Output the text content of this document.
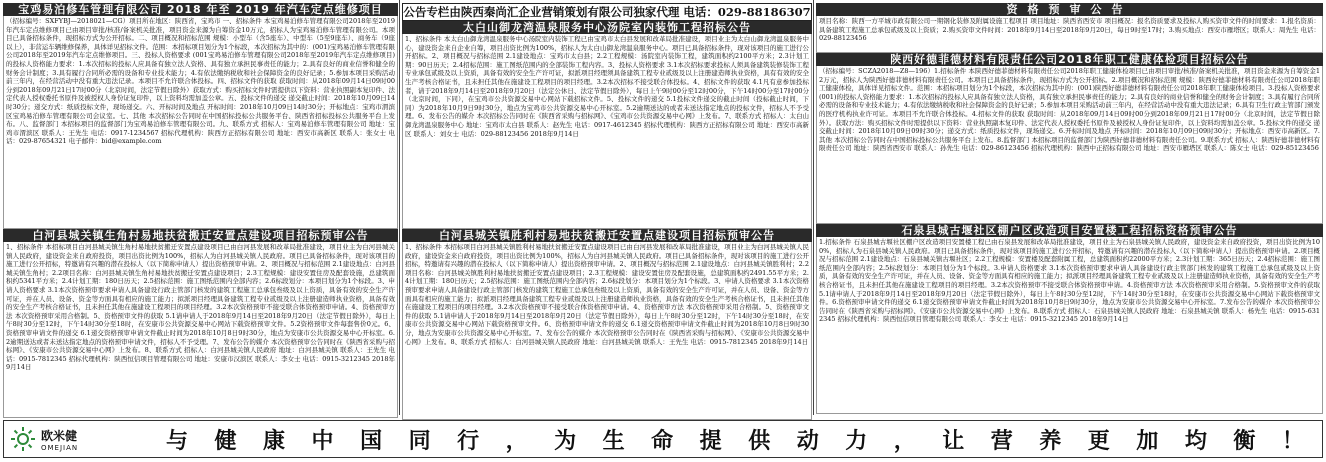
宝鸡易泊修车管理有限公司 2018 年至 2019 年汽车定点维修项目
（招标编号：SXFYBJ—2018021—CG）项目所在地区：陕西省，宝鸡市 一、招标条件 本宝鸡易泊修车管理有限公司2018年至2019年汽车定点维修项目已由项目审批/核准/备案机关批准，项目资金来源为自筹资金10万元，招标人为宝鸡易泊修车管理有限公司。本项目已具备招标条件，现招标方式为公开招标。二、项目概况和招标范围 规模：小型车（含5座车）、中型车（5至9座车）、商务车（9座以上），非营运车辆维修保养，具体详见招标文件。范围：本招标项目划分为1个标段，本次招标为其中的：(001)宝鸡易泊修车管理有限公司2018年至2019年汽车定点维修项目。三、投标人资格要求 (001宝鸡易泊修车管理有限公司2018年至2019年汽车定点维修项目)的投标人资格能力要求：1.本次招标的投标人应具备有独立法人资格、具有独立承担民事责任的能力；2.具有良好的商业信誉和健全的财务会计制度；3.具有履行合同所必需的设备和专业技术能力；4.有依法缴纳税收和社会保障资金的良好记录；5.参加本项目采购活动前三年内，在经营活动中没有重大违法记录。本项目不允许联合体投标。四、招标文件的获取 获取时间：从2018年09月14日09时00分到2018年09月21日17时00分（北京时间，法定节假日除外）获取方式：购买招标文件时需提供以下资料：营业执照副本复印件、法定代表人授权委托书原件及被授权人身份证复印件，以上资料均需加盖公章。五、投标文件的递交 递交截止时间：2018年10月09日14时30分；递交方式：纸质投标文件，现场递交。六、开标时间及地点 开标时间：2018年10月09日14时30分；开标地点：宝鸡市渭滨区宝鸡易泊修车管理有限公司会议室。七、其他 本次招标公告同时在中国招标投标公共服务平台、陕西省招标投标公共服务平台上发布。八、监督部门 本招标项目的监督部门为宝鸡易泊修车管理有限公司。九、联系方式 招标人：宝鸡易泊修车管理有限公司 地址：宝鸡市渭滨区 联系人：王先生 电话：0917-1234567 招标代理机构：陕西方正招标有限公司 地址：西安市高新区 联系人：张女士 电话：029-87654321 电子邮件：bid@example.com
白河县城关镇生角村易地扶贫搬迁安置点建设项目招标预审公告
1、招标条件 本招标项目白河县城关镇生角村易地扶贫搬迁安置点建设项目已由白河县发展和改革局批准建设，项目业主为白河县城关镇人民政府，建设资金来自政府投资，项目出资比例为100%，招标人为白河县城关镇人民政府。项目已具备招标条件，现对该项目的施工进行公开招标，特邀请有兴趣的潜在投标人（以下简称申请人）提出资格预审申请。2、项目概况与招标范围 2.1建设地点：白河县城关镇生角村；2.2项目名称：白河县城关镇生角村易地扶贫搬迁安置点建设项目；2.3工程规模：建设安置住房及配套设施，总建筑面积约5341平方米；2.4计划工期：180日历天；2.5招标范围：施工图纸范围内全部内容；2.6标段划分：本项目划分为1个标段。3、申请人资格要求 3.1本次资格预审要求申请人具备建设行政主管部门核发的建筑工程施工总承包叁级及以上资质，具备有效的安全生产许可证，并在人员、设备、资金等方面具有相应的施工能力；拟派项目经理具备建筑工程专业贰级及以上注册建造师执业资格，具备有效的安全生产考核合格证书，且未担任其他在施建设工程项目的项目经理。3.2本次资格预审不接受联合体资格预审申请。4、资格预审方法 本次资格预审采用合格制。5、资格预审文件的获取 5.1请申请人于2018年9月14日至2018年9月20日（法定节假日除外），每日上午8时30分至12时，下午14时30分至18时，在安康市公共资源交易中心网站下载资格预审文件。5.2资格预审文件每套售价0元。6、资格预审申请文件的递交 6.1递交资格预审申请文件截止时间为2018年10月8日9时30分，地点为安康市公共资源交易中心开标室。6.2逾期送达或者未送达指定地点的资格预审申请文件，招标人不予受理。7、发布公告的媒介 本次资格预审公告同时在《陕西省采购与招标网》、《安康市公共资源交易中心网》上发布。8、联系方式 招标人：白河县城关镇人民政府 地址：白河县城关镇 联系人：王先生 电话：0915-7812345 招标代理机构：陕西恒信项目管理有限公司 地址：安康市汉滨区 联系人：李女士 电话：0915-3212345 2018年9月14日
公告专栏由陕西秦尚汇企业营销策划有限公司独家代理 电话：029-88186307
太白山御龙湾温泉服务中心汤院室内装饰工程招标公告
1、招标条件 本太白山御龙湾温泉服务中心汤院室内装饰工程已由宝鸡市太白县发展和改革局批准建设，项目业主为太白山御龙湾温泉服务中心，建设资金来自企业自筹，项目出资比例为100%，招标人为太白山御龙湾温泉服务中心。项目已具备招标条件，现对该项目的施工进行公开招标。2、项目概况与招标范围 2.1建设地点：宝鸡市太白县；2.2工程规模：汤院室内装饰工程，建筑面积约2100平方米；2.3计划工期：90日历天；2.4招标范围：施工图纸范围内的全部装饰工程内容。3、投标人资格要求 3.1本次招标要求投标人须具备建筑装修装饰工程专业承包贰级及以上资质，具备有效的安全生产许可证，拟派项目经理须具备建筑工程专业贰级及以上注册建造师执业资格，具有有效的安全生产考核合格证书，且未担任其他在施建设工程项目的项目经理。3.2本次招标不接受联合体投标。4、招标文件的获取 4.1凡有意参加投标者，请于2018年9月14日至2018年9月20日（法定公休日、法定节假日除外），每日上午9时00分至12时00分，下午14时00分至17时00分（北京时间，下同），在宝鸡市公共资源交易中心网站下载招标文件。5、投标文件的递交 5.1投标文件递交的截止时间（投标截止时间，下同）为2018年10月9日9时30分，地点为宝鸡市公共资源交易中心开标室。5.2逾期送达的或者未送达指定地点的投标文件，招标人不予受理。6、发布公告的媒介 本次招标公告同时在《陕西省采购与招标网》、《宝鸡市公共资源交易中心网》上发布。7、联系方式 招标人：太白山御龙湾温泉服务中心 地址：宝鸡市太白县 联系人：赵先生 电话：0917-4612345 招标代理机构：陕西方正招标有限公司 地址：西安市高新区 联系人：刘女士 电话：029-88123456 2018年9月14日
白河县城关镇胜利村易地扶贫搬迁安置点建设项目招标预审公告
1、招标条件 本招标项目白河县城关镇胜利村易地扶贫搬迁安置点建设项目已由白河县发展和改革局批准建设，项目业主为白河县城关镇人民政府，建设资金来自政府投资，项目出资比例为100%，招标人为白河县城关镇人民政府。项目已具备招标条件，现对该项目的施工进行公开招标，特邀请有兴趣的潜在投标人（以下简称申请人）提出资格预审申请。2、项目概况与招标范围 2.1建设地点：白河县城关镇胜利村；2.2项目名称：白河县城关镇胜利村易地扶贫搬迁安置点建设项目；2.3工程规模：建设安置住房及配套设施，总建筑面积约2491.55平方米；2.4计划工期：180日历天；2.5招标范围：施工图纸范围内全部内容；2.6标段划分：本项目划分为1个标段。3、申请人资格要求 3.1本次资格预审要求申请人具备建设行政主管部门核发的建筑工程施工总承包叁级及以上资质，具备有效的安全生产许可证，并在人员、设备、资金等方面具有相应的施工能力；拟派项目经理具备建筑工程专业贰级及以上注册建造师执业资格，具备有效的安全生产考核合格证书，且未担任其他在施建设工程项目的项目经理。3.2本次资格预审不接受联合体资格预审申请。4、资格预审方法 本次资格预审采用合格制。5、资格预审文件的获取 5.1请申请人于2018年9月14日至2018年9月20日（法定节假日除外），每日上午8时30分至12时，下午14时30分至18时，在安康市公共资源交易中心网站下载资格预审文件。6、资格预审申请文件的递交 6.1递交资格预审申请文件截止时间为2018年10月8日9时30分，地点为安康市公共资源交易中心开标室。7、发布公告的媒介 本次资格预审公告同时在《陕西省采购与招标网》、《安康市公共资源交易中心网》上发布。8、联系方式 招标人：白河县城关镇人民政府 地址：白河县城关镇 联系人：王先生 电话：0915-7812345 2018年9月14日
资格预审公告
项目名称：陕西一方平城市政有限公司一期钢化装修及附属设施工程项目 项目地址：陕西省西安市 项目概况：报名资质要求及投标人购买资审文件的时间要求：1.报名资质：具备建筑工程施工总承包贰级及以上资质；2.购买资审文件时间：2018年9月14日至2018年9月20日，每日9时至17时；3.购买地点：西安市雁塔区；联系人：周先生 电话：029-88123456
陕西好德菲德材料有限责任公司2018年职工健康体检项目招标公告
（招标编号：SCZA2018—Z8—196）1.招标条件 本陕西好德菲德材料有限责任公司2018年职工健康体检项目已由项目审批/核准/备案机关批准，项目资金来源为自筹资金12万元，招标人为陕西好德菲德材料有限责任公司。本项目已具备招标条件，现招标方式为公开招标。2.项目概况和招标范围 规模：陕西好德菲德材料有限责任公司2018年职工健康体检，具体详见招标文件。范围：本招标项目划分为1个标段，本次招标为其中的：(001)陕西好德菲德材料有限责任公司2018年职工健康体检项目。3.投标人资格要求 (001)的投标人资格能力要求：1.本次招标的投标人应具备有独立法人资格，具有独立承担民事责任的能力；2.具有良好的商业信誉和健全的财务会计制度；3.具有履行合同所必需的设备和专业技术能力；4.有依法缴纳税收和社会保障资金的良好记录；5.参加本项目采购活动前三年内，在经营活动中没有重大违法记录；6.具有卫生行政主管部门颁发的医疗机构执业许可证。本项目不允许联合体投标。4.招标文件的获取 获取时间：从2018年09月14日09时00分到2018年09月21日17时00分（北京时间，法定节假日除外）。获取方法：购买招标文件时需提供以下资料：营业执照副本复印件、法定代表人授权委托书原件及被授权人身份证复印件，以上资料均需加盖公章。5.投标文件的递交 递交截止时间：2018年10月09日09时30分；递交方式：纸质投标文件，现场递交。6.开标时间及地点 开标时间：2018年10月09日09时30分；开标地点：西安市高新区。7.其他 本次招标公告同时在中国招标投标公共服务平台上发布。8.监督部门 本招标项目的监督部门为陕西好德菲德材料有限责任公司。9.联系方式 招标人：陕西好德菲德材料有限责任公司 地址：陕西省西安市 联系人：孙先生 电话：029-86123456 招标代理机构：陕西中正招标有限公司 地址：西安市雁塔区 联系人：陈女士 电话：029-85123456
石泉县城古堰社区棚户区改造项目安置楼工程招标资格预审公告
1.招标条件 石泉县城古堰社区棚户区改造项目安置楼工程已由石泉县发展和改革局批准建设，项目业主为石泉县城关镇人民政府，建设资金来自政府投资，项目出资比例为100%，招标人为石泉县城关镇人民政府。项目已具备招标条件，现对该项目的施工进行公开招标，特邀请有兴趣的潜在投标人（以下简称申请人）提出资格预审申请。2.项目概况与招标范围 2.1建设地点：石泉县城关镇古堰社区；2.2工程规模：安置楼及配套附属工程，总建筑面积约22000平方米；2.3计划工期：365日历天；2.4招标范围：施工图纸范围内全部内容；2.5标段划分：本项目划分为1个标段。3.申请人资格要求 3.1本次资格预审要求申请人具备建设行政主管部门核发的建筑工程施工总承包贰级及以上资质，具备有效的安全生产许可证，并在人员、设备、资金等方面具有相应的施工能力；拟派项目经理具备建筑工程专业贰级及以上注册建造师执业资格，具备有效的安全生产考核合格证书，且未担任其他在施建设工程项目的项目经理。3.2本次资格预审不接受联合体资格预审申请。4.资格预审方法 本次资格预审采用合格制。5.资格预审文件的获取 5.1请申请人于2018年9月14日至2018年9月20日（法定节假日除外），每日上午8时30分至12时，下午14时30分至18时，在安康市公共资源交易中心网站下载资格预审文件。6.资格预审申请文件的递交 6.1递交资格预审申请文件截止时间为2018年10月8日9时30分，地点为安康市公共资源交易中心开标室。7.发布公告的媒介 本次资格预审公告同时在《陕西省采购与招标网》、《安康市公共资源交易中心网》上发布。8.联系方式 招标人：石泉县城关镇人民政府 地址：石泉县城关镇 联系人：杨先生 电话：0915-6312345 招标代理机构：陕西恒信项目管理有限公司 联系人：李女士 电话：0915-3212345 2018年9月14日
欧米健
OMEJIAN	与 健 康 中 国 同 行 ， 为 生 命 提 供 动 力 ， 让 营 养 更 加 均 衡 ！
